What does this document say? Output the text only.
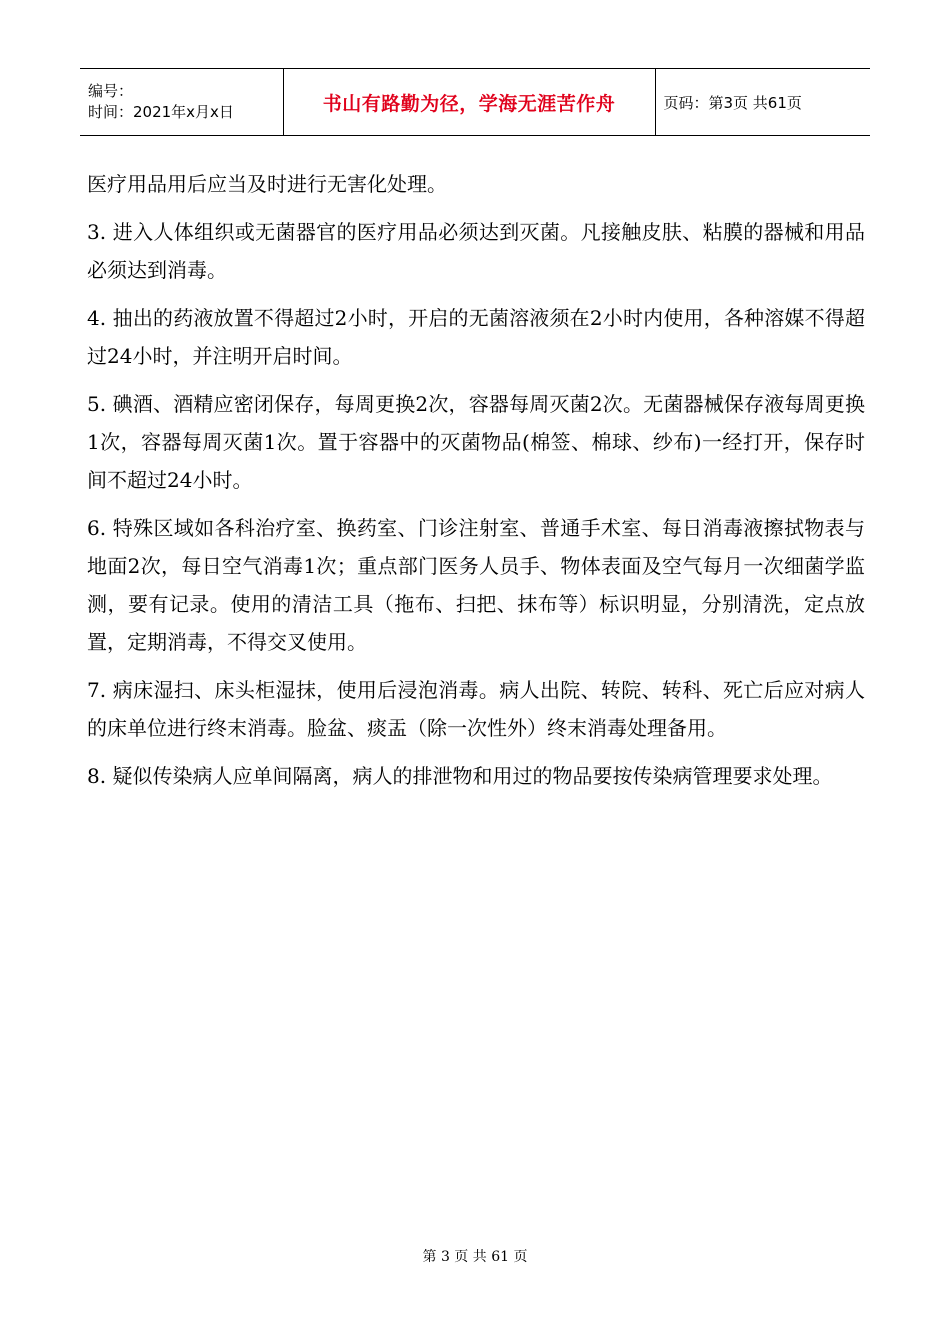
编号：
时间：2021年x月x日	书山有路勤为径，学海无涯苦作舟	页码：第3页 共61页

医疗用品用后应当及时进行无害化处理。

3. 进入人体组织或无菌器官的医疗用品必须达到灭菌。凡接触皮肤、粘膜的器械和用品必须达到消毒。

4. 抽出的药液放置不得超过2小时，开启的无菌溶液须在2小时内使用，各种溶媒不得超过24小时，并注明开启时间。

5. 碘酒、酒精应密闭保存，每周更换2次，容器每周灭菌2次。无菌器械保存液每周更换1次，容器每周灭菌1次。置于容器中的灭菌物品(棉签、棉球、纱布)一经打开，保存时间不超过24小时。

6. 特殊区域如各科治疗室、换药室、门诊注射室、普通手术室、每日消毒液擦拭物表与地面2次，每日空气消毒1次；重点部门医务人员手、物体表面及空气每月一次细菌学监测，要有记录。使用的清洁工具（拖布、扫把、抹布等）标识明显，分别清洗，定点放置，定期消毒，不得交叉使用。

7. 病床湿扫、床头柜湿抹，使用后浸泡消毒。病人出院、转院、转科、死亡后应对病人的床单位进行终末消毒。脸盆、痰盂（除一次性外）终末消毒处理备用。

8. 疑似传染病人应单间隔离，病人的排泄物和用过的物品要按传染病管理要求处理。

第 3 页 共 61 页
